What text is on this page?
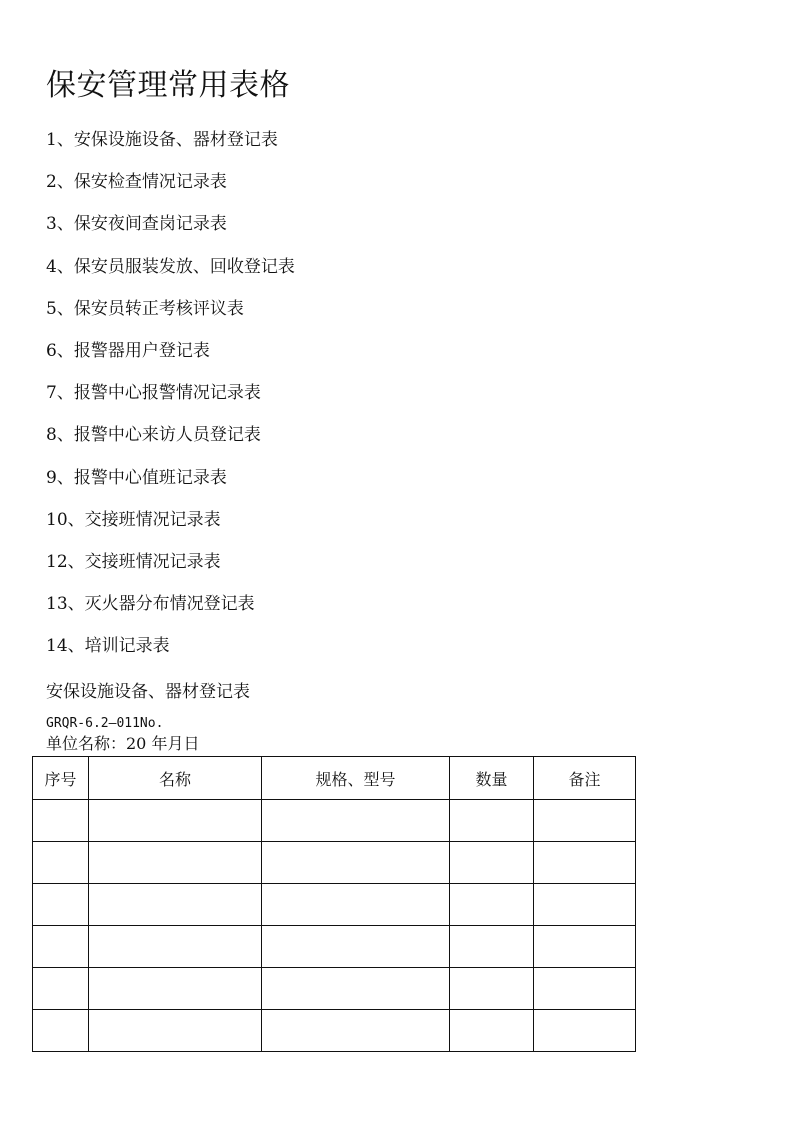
保安管理常用表格
1、安保设施设备、器材登记表
2、保安检查情况记录表
3、保安夜间查岗记录表
4、保安员服装发放、回收登记表
5、保安员转正考核评议表
6、报警器用户登记表
7、报警中心报警情况记录表
8、报警中心来访人员登记表
9、报警中心值班记录表
10、交接班情况记录表
12、交接班情况记录表
13、灭火器分布情况登记表
14、培训记录表
安保设施设备、器材登记表
GRQR-6.2—011No.
单位名称：20 年月日
序号	名称	规格、型号	数量	备注
